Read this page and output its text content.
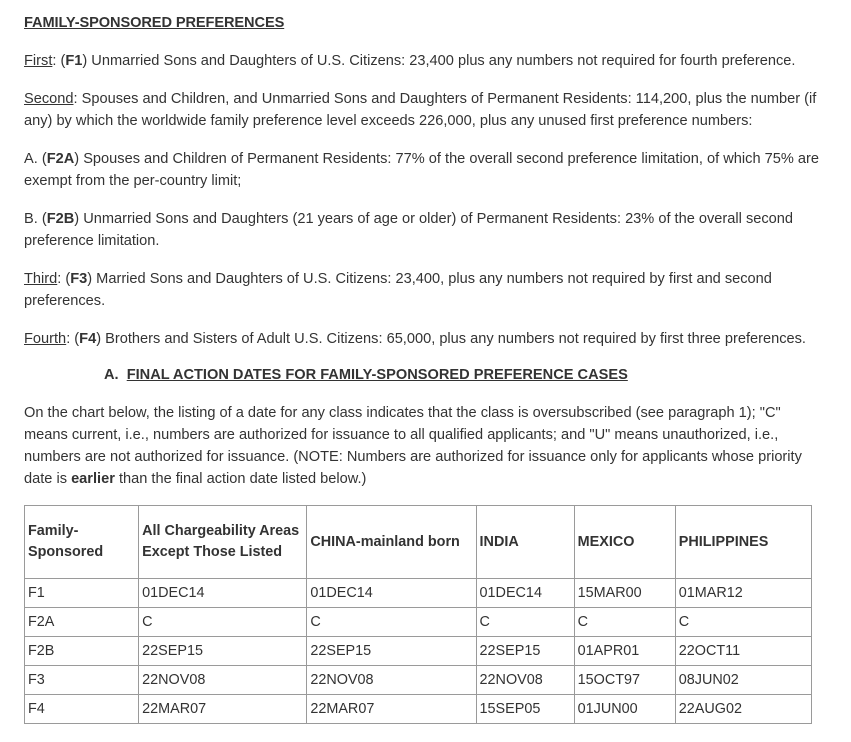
FAMILY-SPONSORED PREFERENCES

First: (F1) Unmarried Sons and Daughters of U.S. Citizens: 23,400 plus any numbers not required for fourth preference.

Second: Spouses and Children, and Unmarried Sons and Daughters of Permanent Residents: 114,200, plus the number (if any) by which the worldwide family preference level exceeds 226,000, plus any unused first preference numbers:

A. (F2A) Spouses and Children of Permanent Residents: 77% of the overall second preference limitation, of which 75% are exempt from the per-country limit;

B. (F2B) Unmarried Sons and Daughters (21 years of age or older) of Permanent Residents: 23% of the overall second preference limitation.

Third: (F3) Married Sons and Daughters of U.S. Citizens: 23,400, plus any numbers not required by first and second preferences.

Fourth: (F4) Brothers and Sisters of Adult U.S. Citizens: 65,000, plus any numbers not required by first three preferences.

A. FINAL ACTION DATES FOR FAMILY-SPONSORED PREFERENCE CASES

On the chart below, the listing of a date for any class indicates that the class is oversubscribed (see paragraph 1); "C" means current, i.e., numbers are authorized for issuance to all qualified applicants; and "U" means unauthorized, i.e., numbers are not authorized for issuance. (NOTE: Numbers are authorized for issuance only for applicants whose priority date is earlier than the final action date listed below.)

Family-Sponsored	All Chargeability Areas Except Those Listed	CHINA-mainland born	INDIA	MEXICO	PHILIPPINES
F1	01DEC14	01DEC14	01DEC14	15MAR00	01MAR12
F2A	C	C	C	C	C
F2B	22SEP15	22SEP15	22SEP15	01APR01	22OCT11
F3	22NOV08	22NOV08	22NOV08	15OCT97	08JUN02
F4	22MAR07	22MAR07	15SEP05	01JUN00	22AUG02
